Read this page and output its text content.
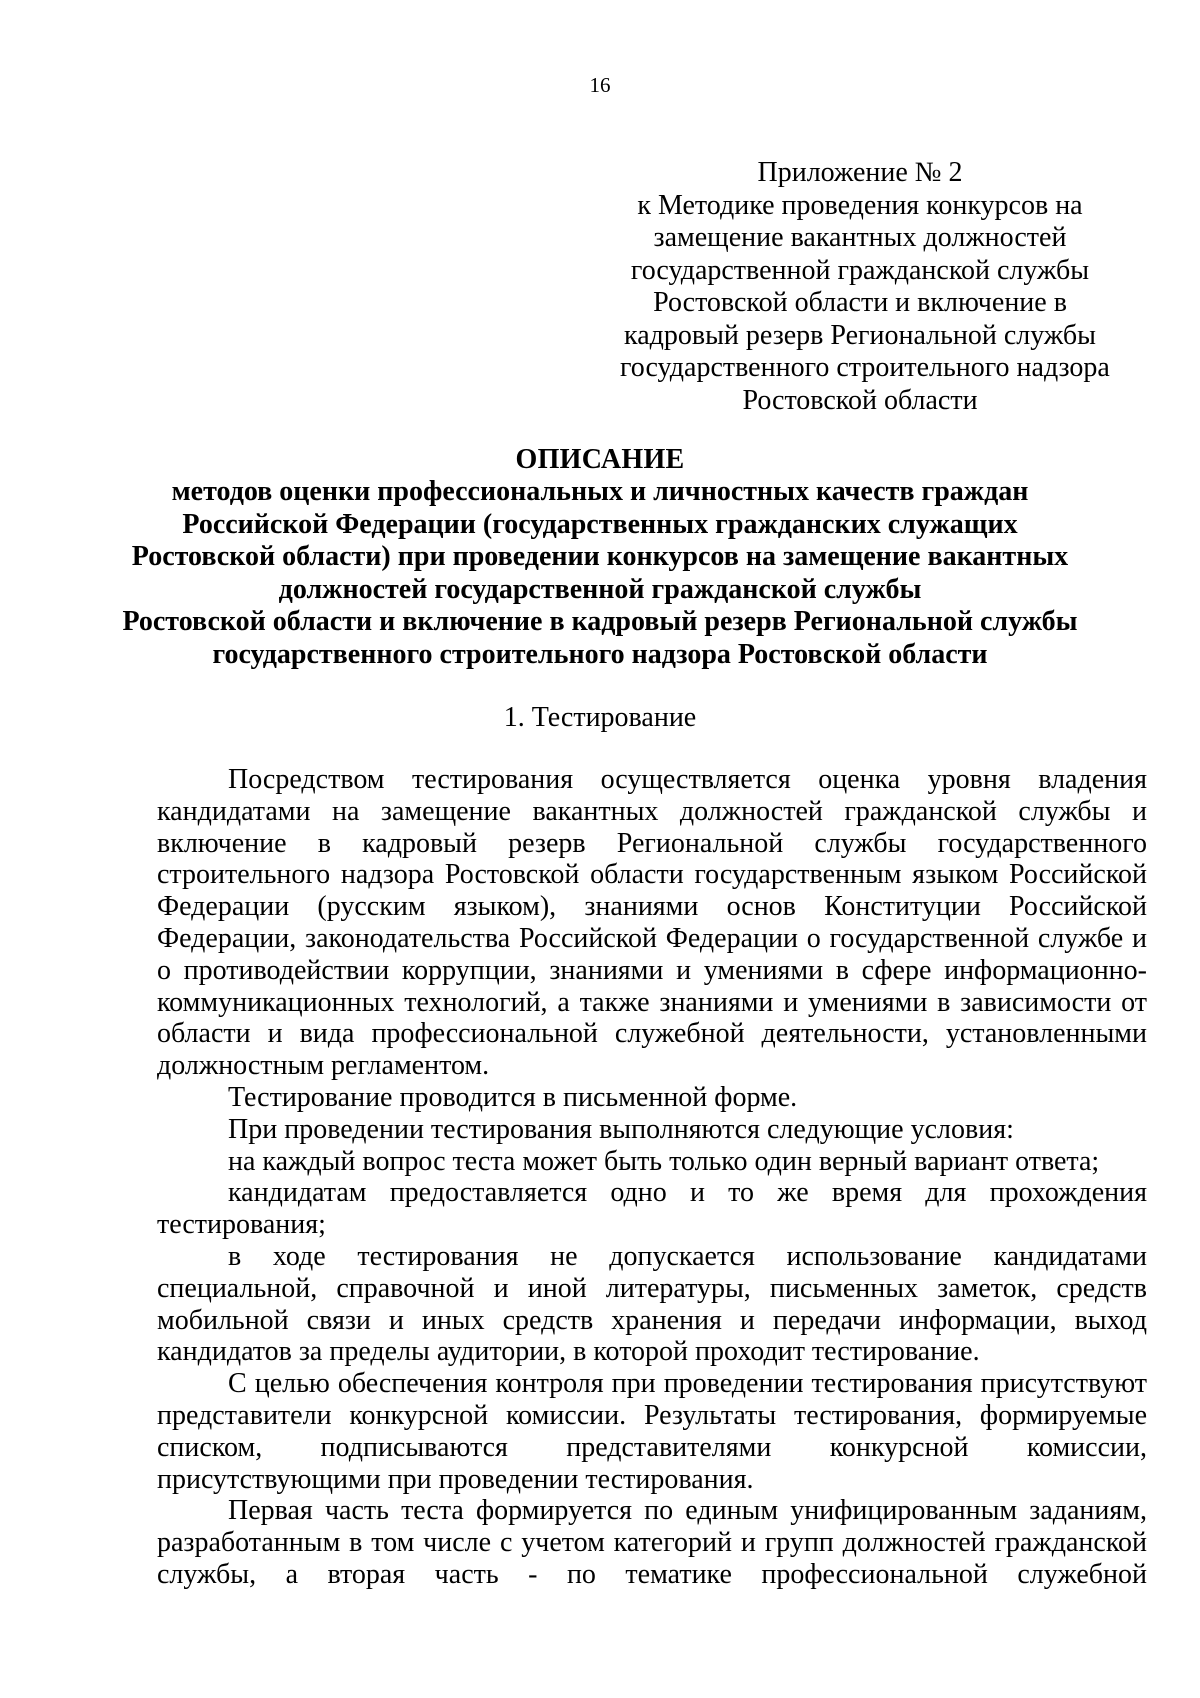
16
Приложение № 2
к Методике проведения конкурсов на
замещение вакантных должностей
государственной гражданской службы
Ростовской области и включение в
кадровый резерв Региональной службы
государственного строительного надзора
Ростовской области
ОПИСАНИЕ
методов оценки профессиональных и личностных качеств граждан
Российской Федерации (государственных гражданских служащих
Ростовской области) при проведении конкурсов на замещение вакантных
должностей государственной гражданской службы
Ростовской области и включение в кадровый резерв Региональной службы
государственного строительного надзора Ростовской области
1. Тестирование

Посредством тестирования осуществляется оценка уровня владения кандидатами на замещение вакантных должностей гражданской службы и включение в кадровый резерв Региональной службы государственного строительного надзора Ростовской области государственным языком Российской Федерации (русским языком), знаниями основ Конституции Российской Федерации, законодательства Российской Федерации о государственной службе и о противодействии коррупции, знаниями и умениями в сфере информационно-коммуникационных технологий, а также знаниями и умениями в зависимости от области и вида профессиональной служебной деятельности, установленными должностным регламентом.

Тестирование проводится в письменной форме.

При проведении тестирования выполняются следующие условия:

на каждый вопрос теста может быть только один верный вариант ответа;

кандидатам предоставляется одно и то же время для прохождения тестирования;

в ходе тестирования не допускается использование кандидатами специальной, справочной и иной литературы, письменных заметок, средств мобильной связи и иных средств хранения и передачи информации, выход кандидатов за пределы аудитории, в которой проходит тестирование.

С целью обеспечения контроля при проведении тестирования присутствуют представители конкурсной комиссии. Результаты тестирования, формируемые списком, подписываются представителями конкурсной комиссии, присутствующими при проведении тестирования.

Первая часть теста формируется по единым унифицированным заданиям, разработанным в том числе с учетом категорий и групп должностей гражданской службы, а вторая часть - по тематике профессиональной служебной
